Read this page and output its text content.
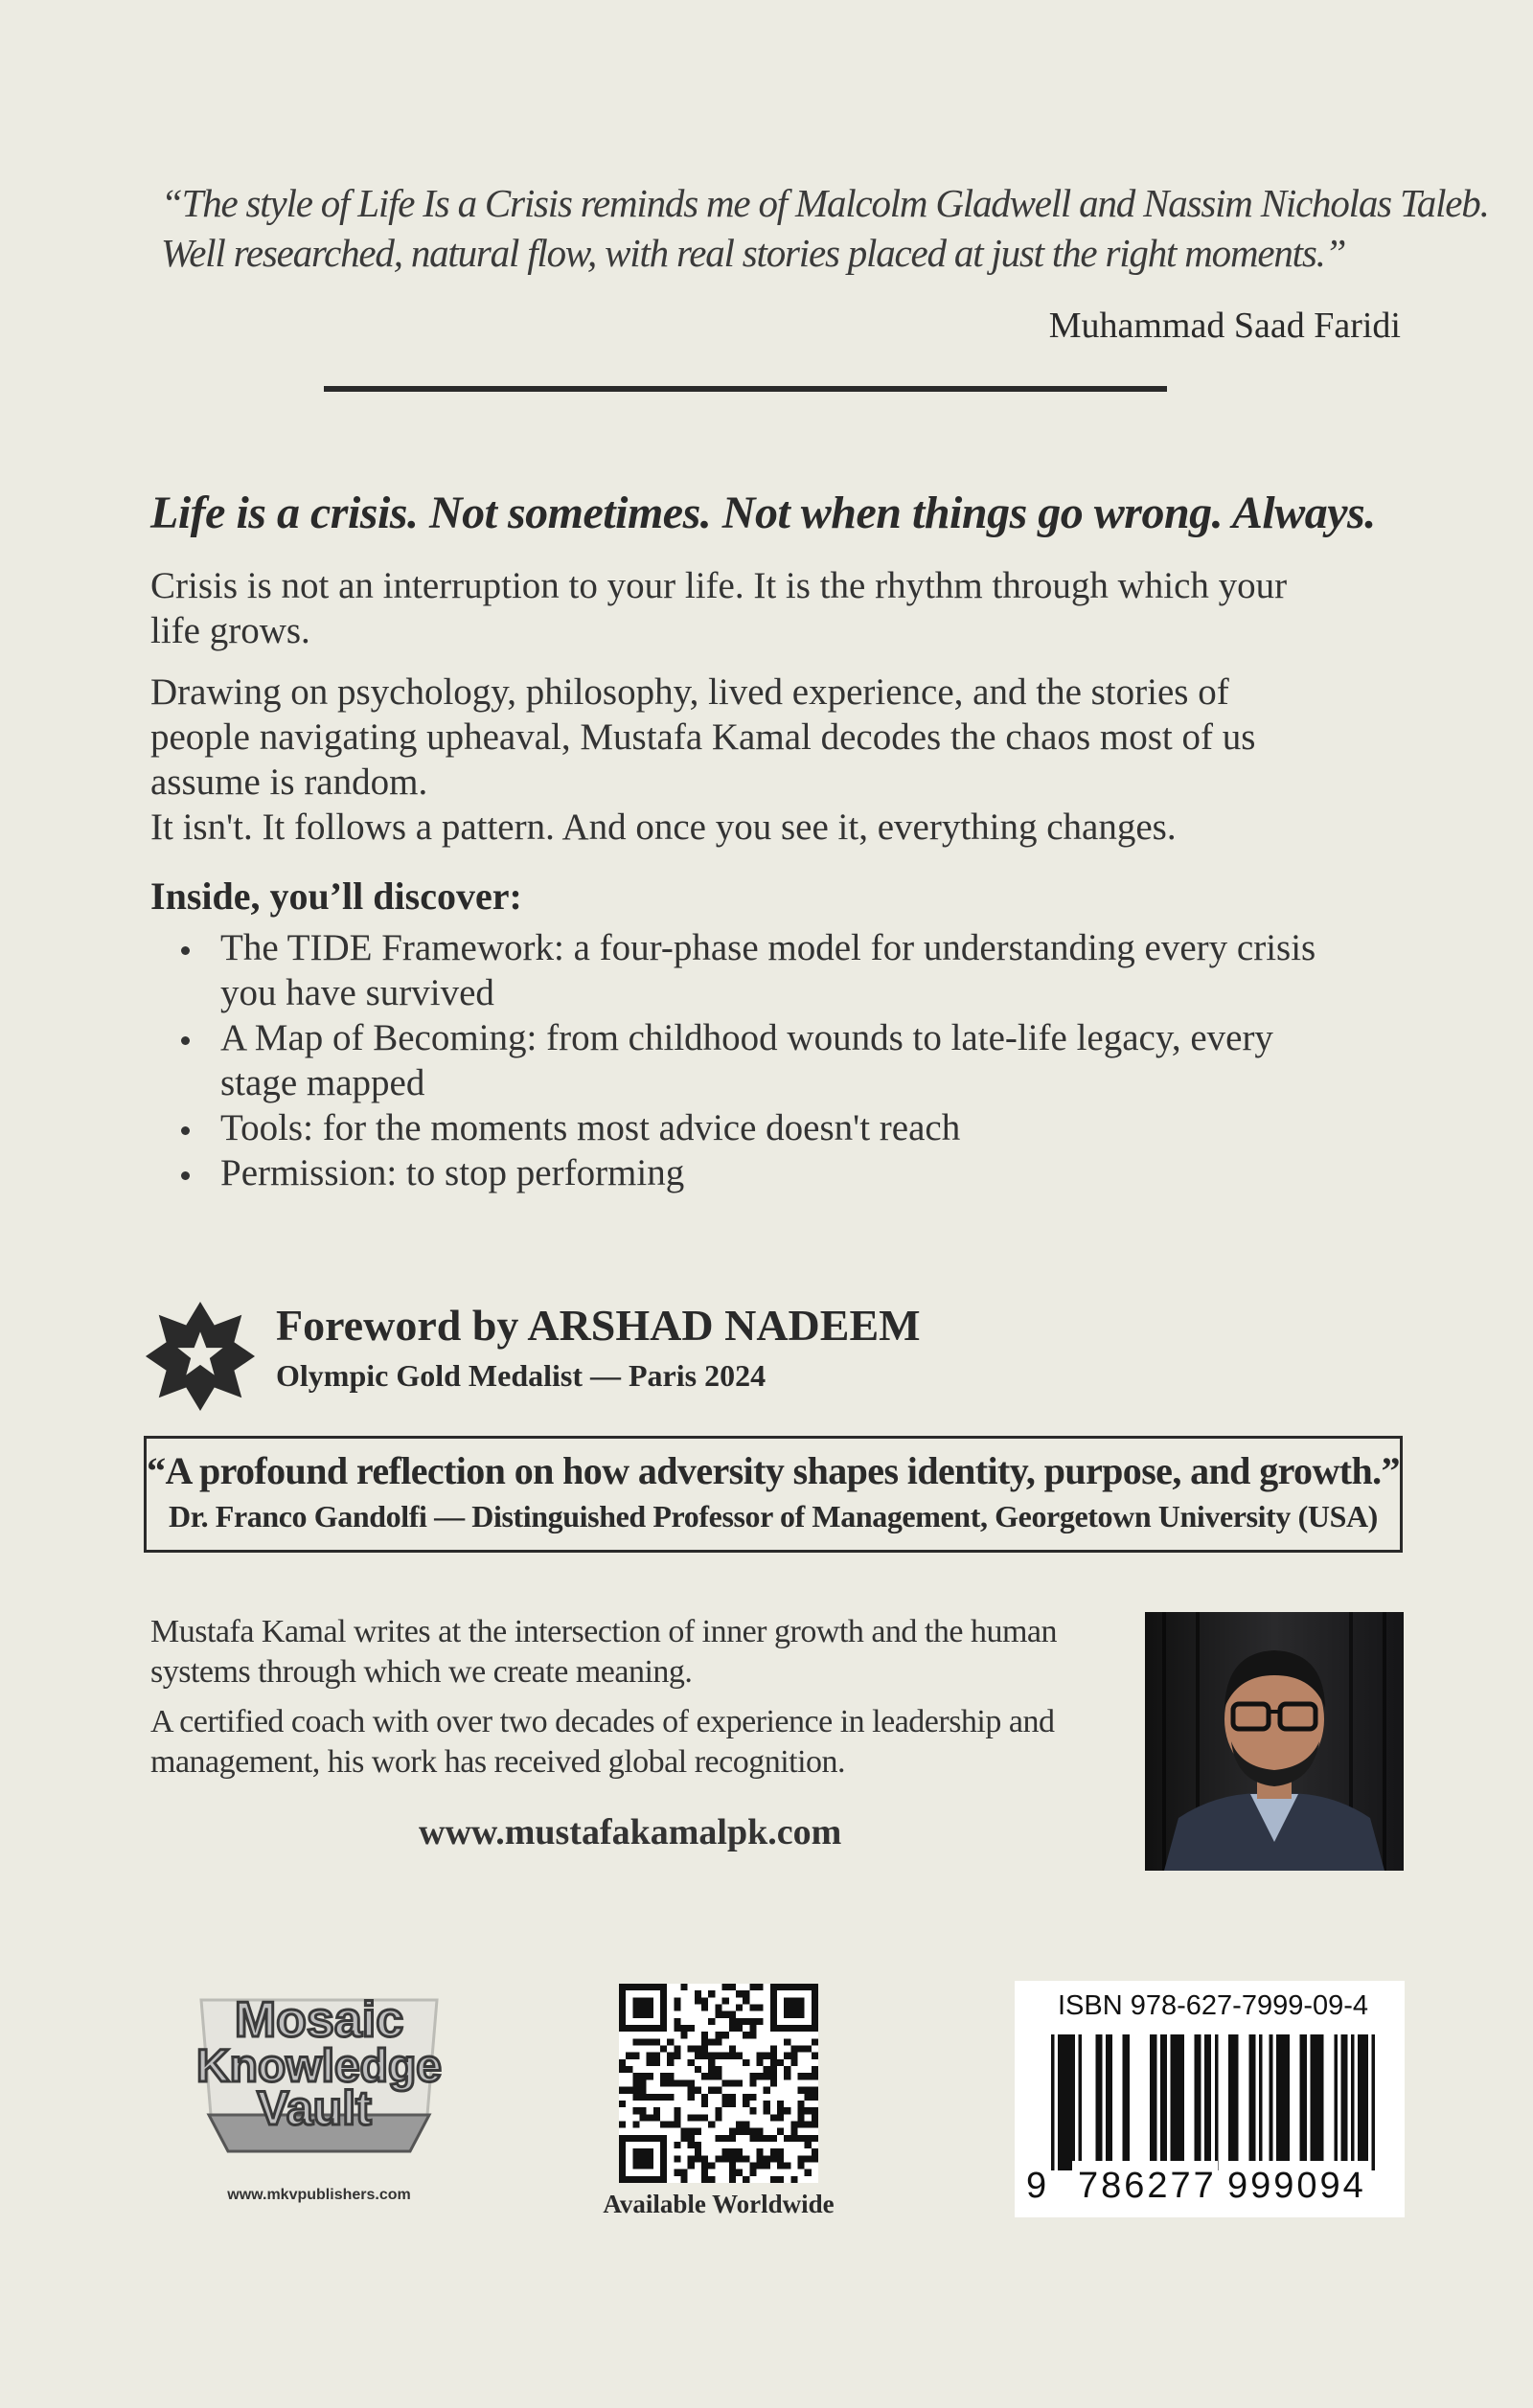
“The style of Life Is a Crisis reminds me of Malcolm Gladwell and Nassim Nicholas Taleb.

Well researched, natural flow, with real stories placed at just the right moments.”

Muhammad Saad Faridi
Life is a crisis. Not sometimes. Not when things go wrong. Always.

Crisis is not an interruption to your life. It is the rhythm through which your life grows.

Drawing on psychology, philosophy, lived experience, and the stories of people navigating upheaval, Mustafa Kamal decodes the chaos most of us assume is random.

It isn't. It follows a pattern. And once you see it, everything changes.

Inside, you’ll discover:
The TIDE Framework: a four-phase model for understanding every crisis you have survived
A Map of Becoming: from childhood wounds to late-life legacy, every stage mapped
Tools: for the moments most advice doesn't reach
Permission: to stop performing
Foreword by ARSHAD NADEEM
Olympic Gold Medalist — Paris 2024
“A profound reflection on how adversity shapes identity, purpose, and growth.”
Dr. Franco Gandolfi — Distinguished Professor of Management, Georgetown University (USA)

Mustafa Kamal writes at the intersection of inner growth and the human systems through which we create meaning.

A certified coach with over two decades of experience in leadership and management, his work has received global recognition.

www.mustafakamalpk.com
Mosaic
Knowledge
Vault
www.mkvpublishers.com	Available Worldwide
ISBN 978-627-7999-09-4
9 786277 999094
